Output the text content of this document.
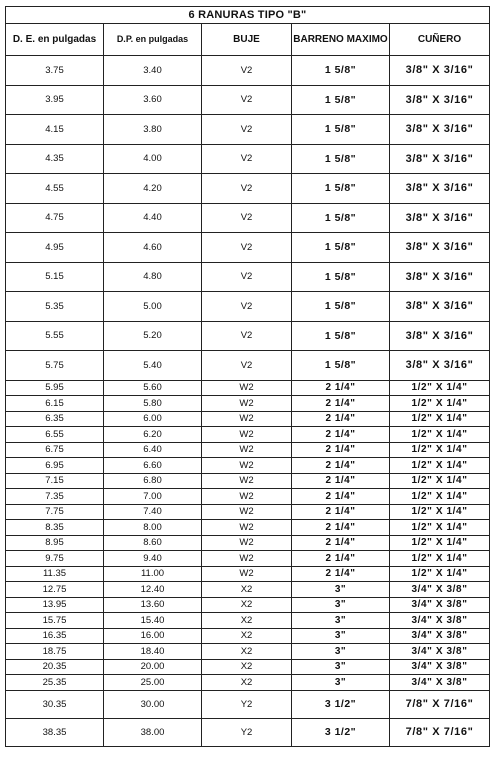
6 RANURAS TIPO "B"				
D. E. en pulgadas	D.P. en pulgadas	BUJE	BARRENO MAXIMO	CUÑERO
3.75	3.40	V2	1 5/8"	3/8" X 3/16"
3.95	3.60	V2	1 5/8"	3/8" X 3/16"
4.15	3.80	V2	1 5/8"	3/8" X 3/16"
4.35	4.00	V2	1 5/8"	3/8" X 3/16"
4.55	4.20	V2	1 5/8"	3/8" X 3/16"
4.75	4.40	V2	1 5/8"	3/8" X 3/16"
4.95	4.60	V2	1 5/8"	3/8" X 3/16"
5.15	4.80	V2	1 5/8"	3/8" X 3/16"
5.35	5.00	V2	1 5/8"	3/8" X 3/16"
5.55	5.20	V2	1 5/8"	3/8" X 3/16"
5.75	5.40	V2	1 5/8"	3/8" X 3/16"
5.95	5.60	W2	2 1/4"	1/2" X 1/4"
6.15	5.80	W2	2 1/4"	1/2" X 1/4"
6.35	6.00	W2	2 1/4"	1/2" X 1/4"
6.55	6.20	W2	2 1/4"	1/2" X 1/4"
6.75	6.40	W2	2 1/4"	1/2" X 1/4"
6.95	6.60	W2	2 1/4"	1/2" X 1/4"
7.15	6.80	W2	2 1/4"	1/2" X 1/4"
7.35	7.00	W2	2 1/4"	1/2" X 1/4"
7.75	7.40	W2	2 1/4"	1/2" X 1/4"
8.35	8.00	W2	2 1/4"	1/2" X 1/4"
8.95	8.60	W2	2 1/4"	1/2" X 1/4"
9.75	9.40	W2	2 1/4"	1/2" X 1/4"
11.35	11.00	W2	2 1/4"	1/2" X 1/4"
12.75	12.40	X2	3"	3/4" X 3/8"
13.95	13.60	X2	3"	3/4" X 3/8"
15.75	15.40	X2	3"	3/4" X 3/8"
16.35	16.00	X2	3"	3/4" X 3/8"
18.75	18.40	X2	3"	3/4" X 3/8"
20.35	20.00	X2	3"	3/4" X 3/8"
25.35	25.00	X2	3"	3/4" X 3/8"
30.35	30.00	Y2	3 1/2"	7/8" X 7/16"
38.35	38.00	Y2	3 1/2"	7/8" X 7/16"
